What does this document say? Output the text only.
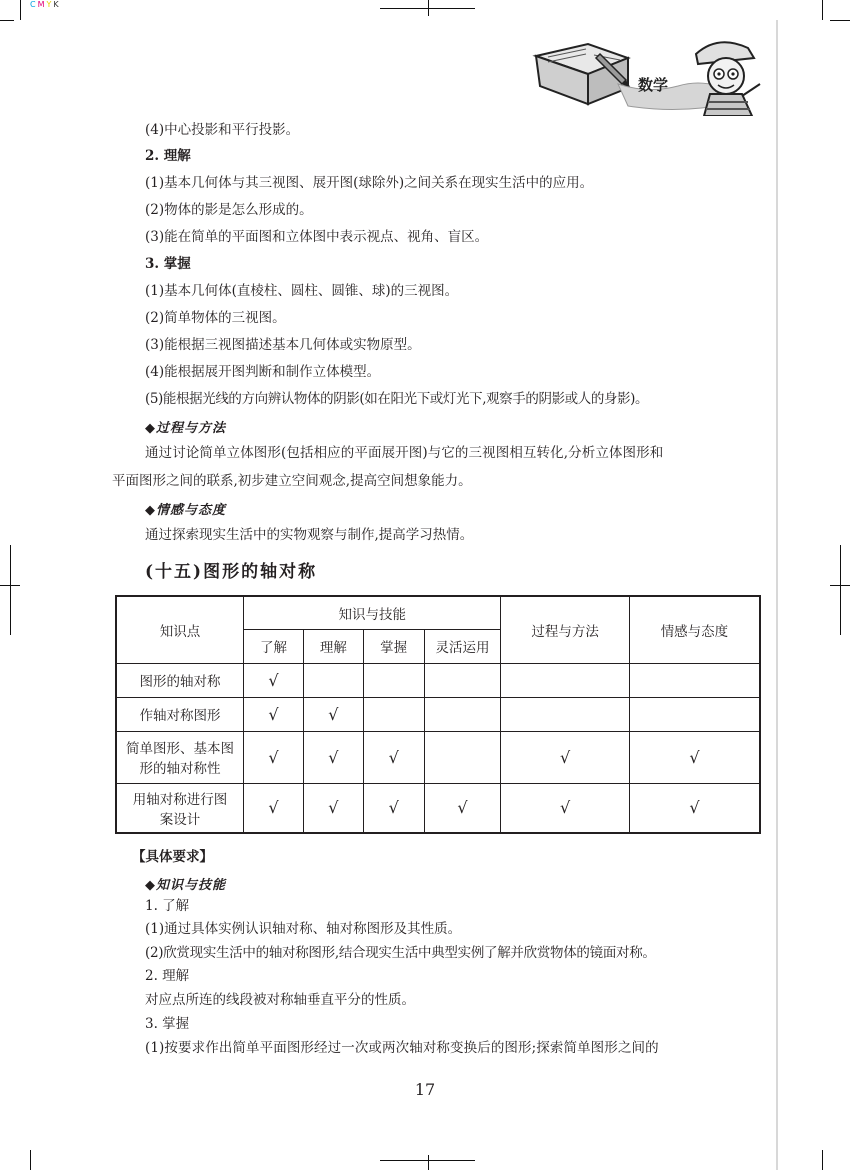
CMYK
数学
(4)中心投影和平行投影。
2. 理解
(1)基本几何体与其三视图、展开图(球除外)之间关系在现实生活中的应用。
(2)物体的影是怎么形成的。
(3)能在简单的平面图和立体图中表示视点、视角、盲区。
3. 掌握
(1)基本几何体(直棱柱、圆柱、圆锥、球)的三视图。
(2)简单物体的三视图。
(3)能根据三视图描述基本几何体或实物原型。
(4)能根据展开图判断和制作立体模型。
(5)能根据光线的方向辨认物体的阴影(如在阳光下或灯光下,观察手的阴影或人的身影)。
◆过程与方法
通过讨论简单立体图形(包括相应的平面展开图)与它的三视图相互转化,分析立体图形和
平面图形之间的联系,初步建立空间观念,提高空间想象能力。
◆情感与态度
通过探索现实生活中的实物观察与制作,提高学习热情。
(十五)图形的轴对称
知识点	知识与技能				过程与方法	情感与态度
	了解	理解	掌握	灵活运用		
图形的轴对称	√					
作轴对称图形	√	√				
简单图形、基本图
形的轴对称性	√	√	√		√	√
用轴对称进行图
案设计	√	√	√	√	√	√
【具体要求】
◆知识与技能
1. 了解
(1)通过具体实例认识轴对称、轴对称图形及其性质。
(2)欣赏现实生活中的轴对称图形,结合现实生活中典型实例了解并欣赏物体的镜面对称。
2. 理解
对应点所连的线段被对称轴垂直平分的性质。
3. 掌握
(1)按要求作出简单平面图形经过一次或两次轴对称变换后的图形;探索简单图形之间的
17
